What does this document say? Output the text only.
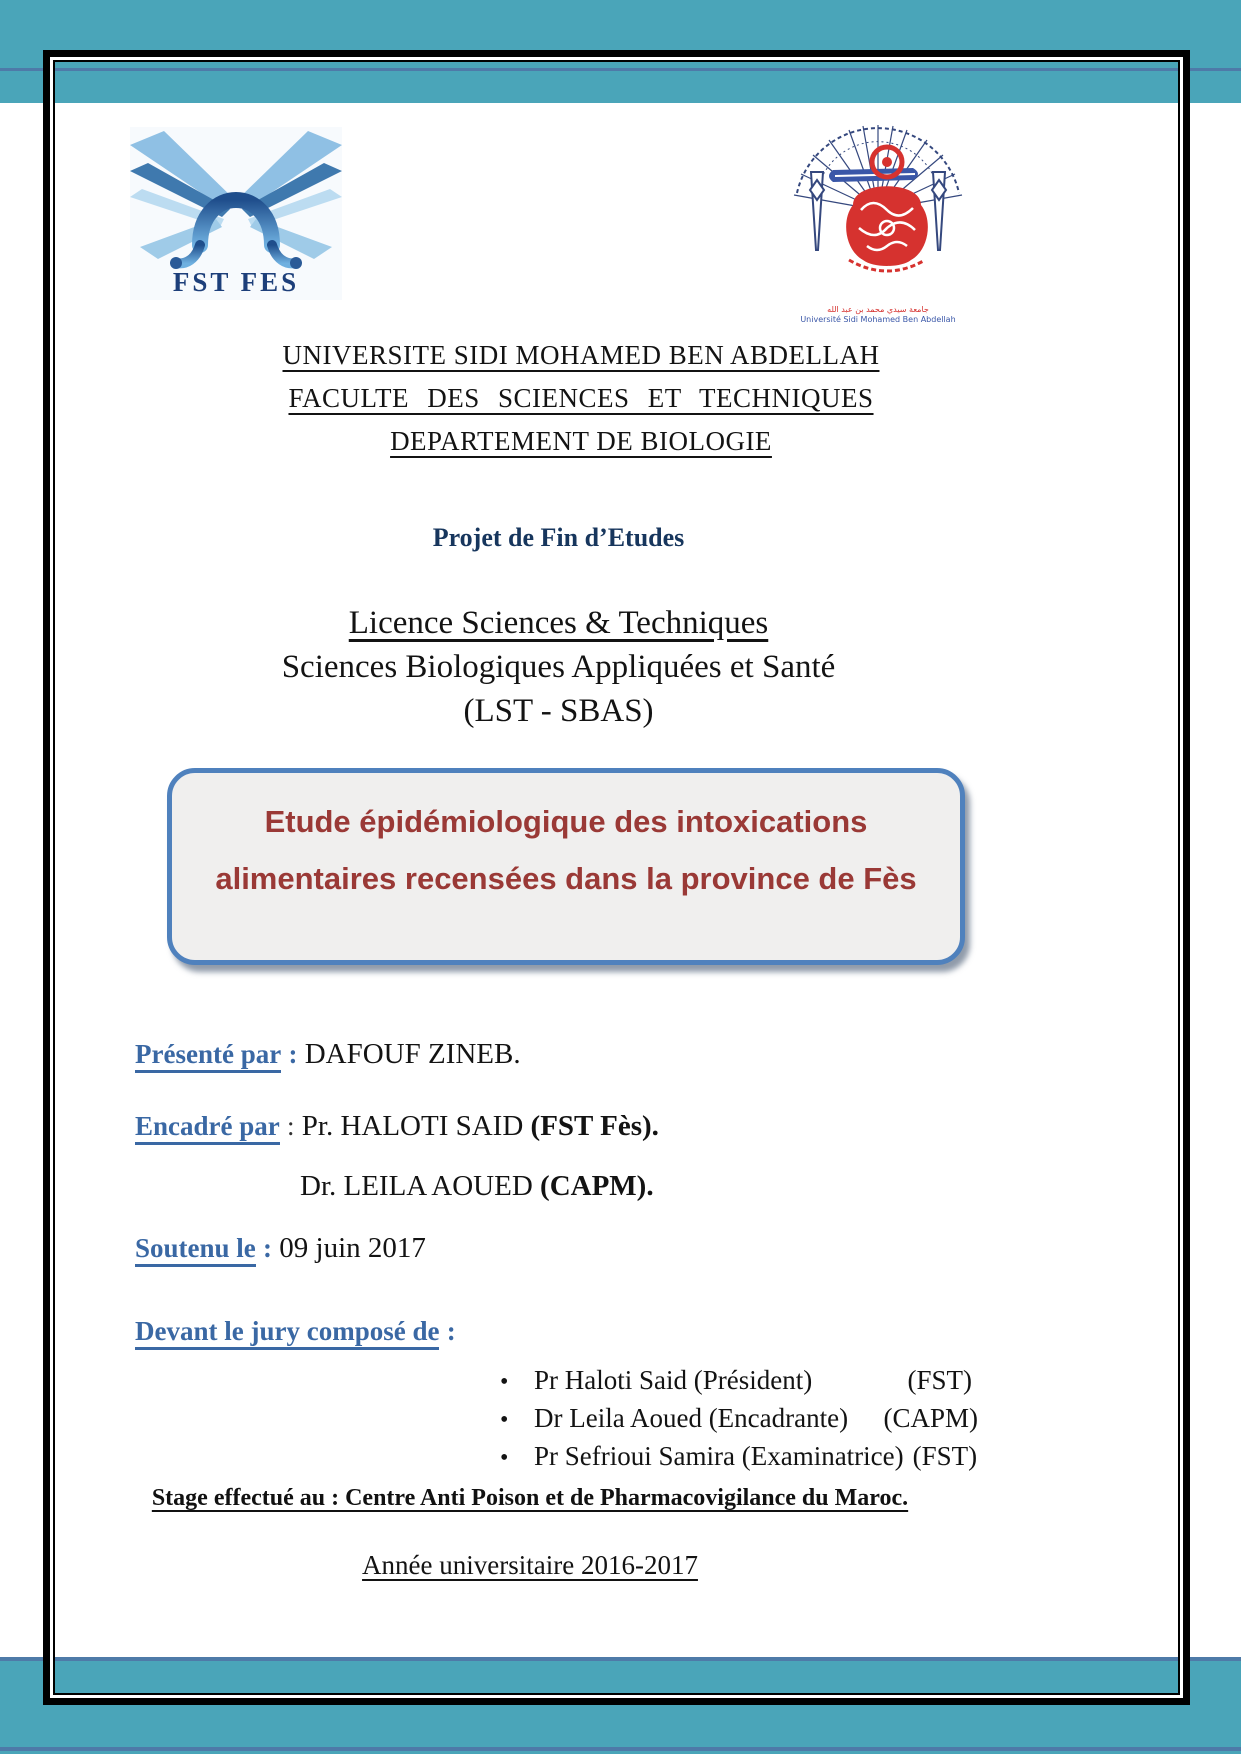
FST FES
جامعة سيدي محمد بن عبد الله
Université Sidi Mohamed Ben Abdellah
UNIVERSITE SIDI MOHAMED BEN ABDELLAH
FACULTE DES SCIENCES ET TECHNIQUES
DEPARTEMENT DE BIOLOGIE
Projet de Fin d’Etudes
Licence Sciences & Techniques
Sciences Biologiques Appliquées et Santé
(LST - SBAS)
Etude épidémiologique des intoxications
alimentaires recensées dans la province de Fès
Présenté par : DAFOUF ZINEB.
Encadré par : Pr. HALOTI SAID (FST Fès).
Dr. LEILA AOUED (CAPM).
Soutenu le : 09 juin 2017
Devant le jury composé de :
• Pr Haloti Said (Président)	(FST)
• Dr Leila Aoued (Encadrante) (CAPM)
• Pr Sefrioui Samira (Examinatrice) (FST)
Stage effectué au : Centre Anti Poison et de Pharmacovigilance du Maroc.
Année universitaire 2016-2017
